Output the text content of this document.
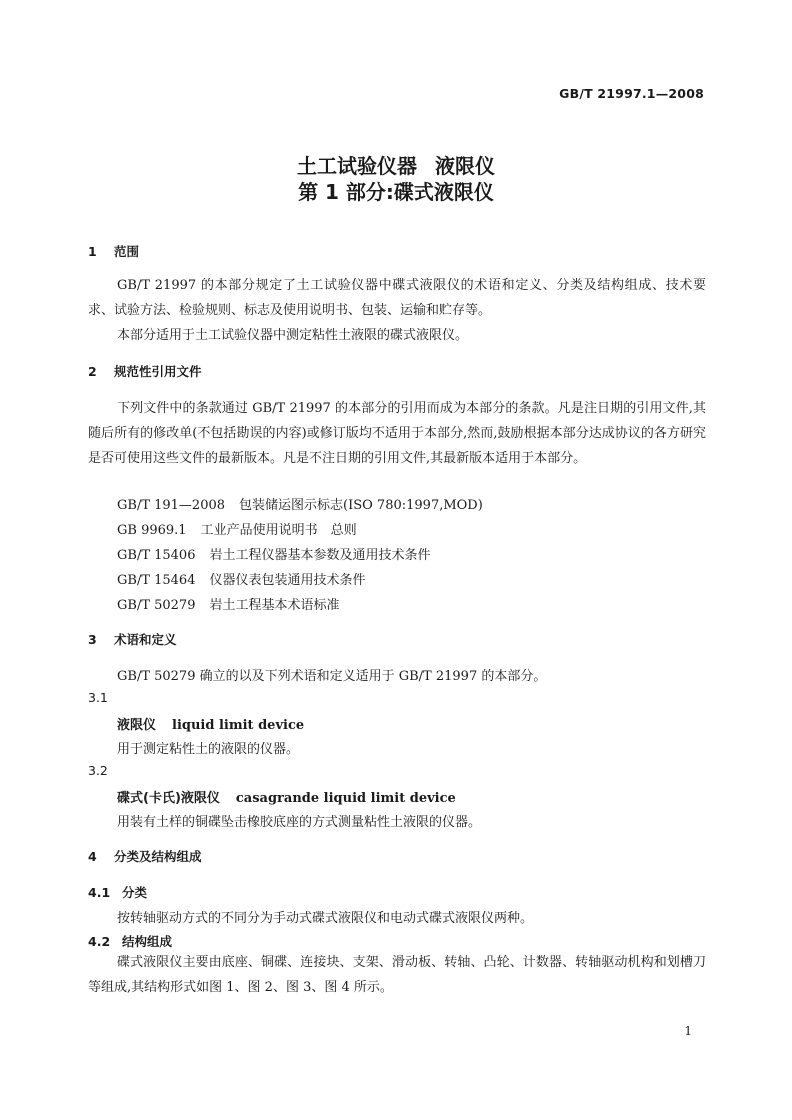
GB/T 21997.1—2008
土工试验仪器 液限仪
第 1 部分:碟式液限仪
1 范围
GB/T 21997 的本部分规定了土工试验仪器中碟式液限仪的术语和定义、分类及结构组成、技术要求、试验方法、检验规则、标志及使用说明书、包装、运输和贮存等。
本部分适用于土工试验仪器中测定粘性土液限的碟式液限仪。
2 规范性引用文件
下列文件中的条款通过 GB/T 21997 的本部分的引用而成为本部分的条款。凡是注日期的引用文件,其随后所有的修改单(不包括勘误的内容)或修订版均不适用于本部分,然而,鼓励根据本部分达成协议的各方研究是否可使用这些文件的最新版本。凡是不注日期的引用文件,其最新版本适用于本部分。
GB/T 191—2008 包装储运图示标志(ISO 780:1997,MOD)
GB 9969.1 工业产品使用说明书　总则
GB/T 15406 岩土工程仪器基本参数及通用技术条件
GB/T 15464 仪器仪表包装通用技术条件
GB/T 50279 岩土工程基本术语标准
3 术语和定义
GB/T 50279 确立的以及下列术语和定义适用于 GB/T 21997 的本部分。
3.1
液限仪 liquid limit device
用于测定粘性土的液限的仪器。
3.2
碟式(卡氏)液限仪 casagrande liquid limit device
用装有土样的铜碟坠击橡胶底座的方式测量粘性土液限的仪器。
4 分类及结构组成
4.1 分类
按转轴驱动方式的不同分为手动式碟式液限仪和电动式碟式液限仪两种。
4.2 结构组成
碟式液限仪主要由底座、铜碟、连接块、支架、滑动板、转轴、凸轮、计数器、转轴驱动机构和划槽刀等组成,其结构形式如图 1、图 2、图 3、图 4 所示。
1
